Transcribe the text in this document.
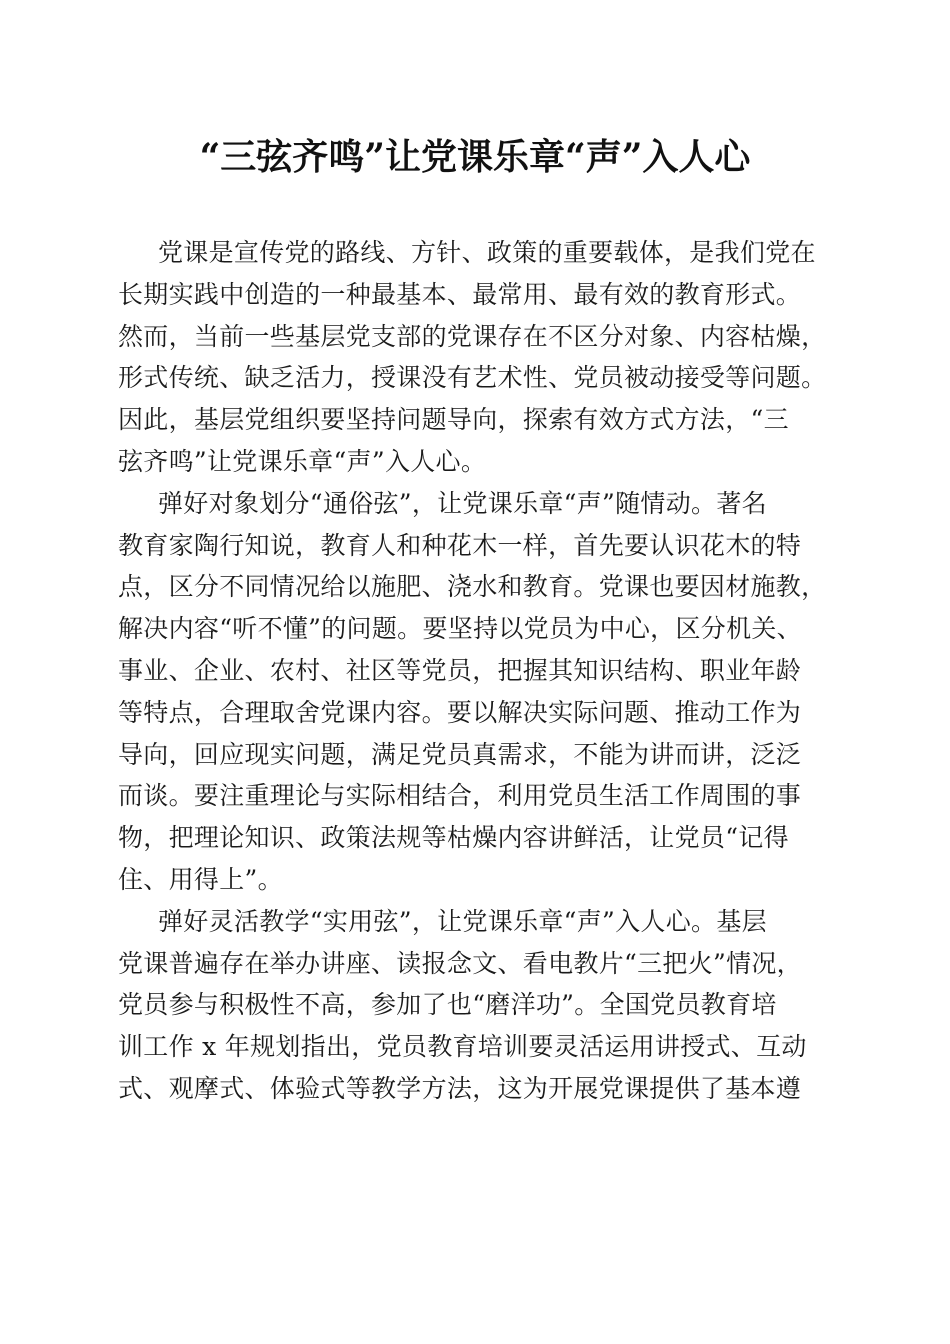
“三弦齐鸣”让党课乐章“声”入人心
党课是宣传党的路线、方针、政策的重要载体，是我们党在
长期实践中创造的一种最基本、最常用、最有效的教育形式。
然而，当前一些基层党支部的党课存在不区分对象、内容枯燥，
形式传统、缺乏活力，授课没有艺术性、党员被动接受等问题。
因此，基层党组织要坚持问题导向，探索有效方式方法，“三
弦齐鸣”让党课乐章“声”入人心。
弹好对象划分“通俗弦”，让党课乐章“声”随情动。著名
教育家陶行知说，教育人和种花木一样，首先要认识花木的特
点，区分不同情况给以施肥、浇水和教育。党课也要因材施教，
解决内容“听不懂”的问题。要坚持以党员为中心，区分机关、
事业、企业、农村、社区等党员，把握其知识结构、职业年龄
等特点，合理取舍党课内容。要以解决实际问题、推动工作为
导向，回应现实问题，满足党员真需求，不能为讲而讲，泛泛
而谈。要注重理论与实际相结合，利用党员生活工作周围的事
物，把理论知识、政策法规等枯燥内容讲鲜活，让党员“记得
住、用得上”。
弹好灵活教学“实用弦”，让党课乐章“声”入人心。基层
党课普遍存在举办讲座、读报念文、看电教片“三把火”情况，
党员参与积极性不高，参加了也“磨洋功”。全国党员教育培
训工作 x 年规划指出，党员教育培训要灵活运用讲授式、互动
式、观摩式、体验式等教学方法，这为开展党课提供了基本遵
